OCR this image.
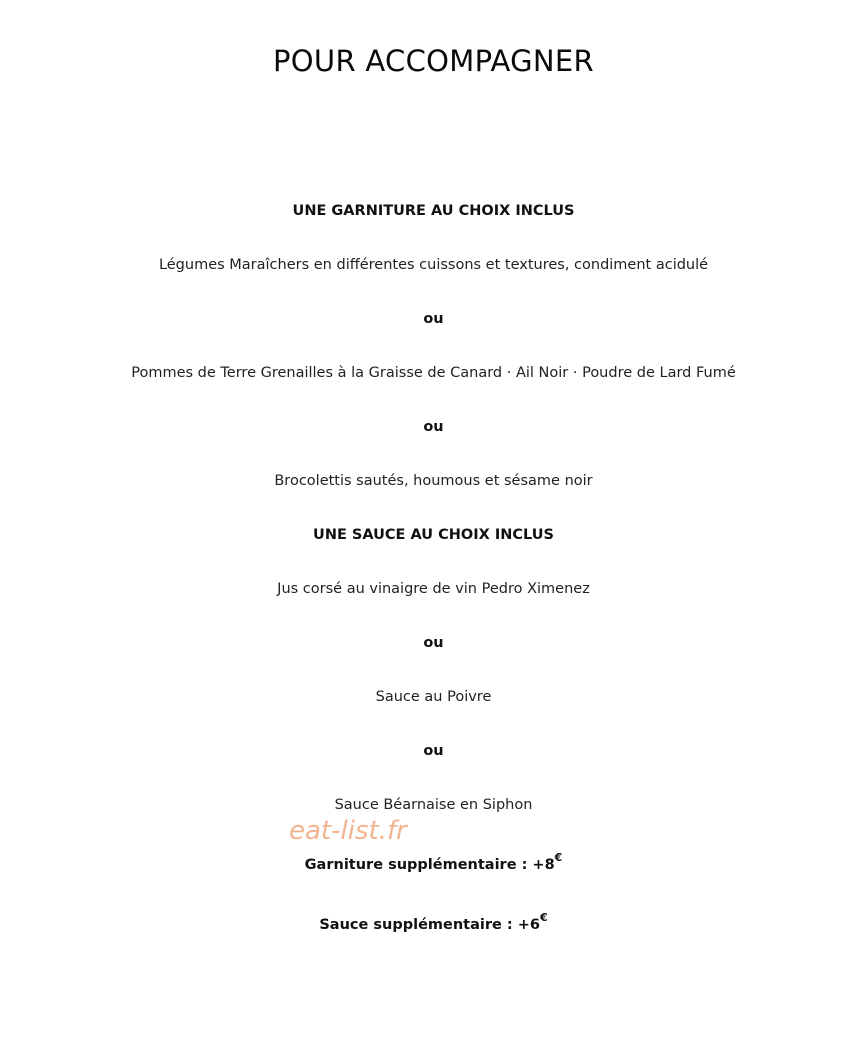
POUR ACCOMPAGNER
UNE GARNITURE AU CHOIX INCLUS
Légumes Maraîchers en différentes cuissons et textures, condiment acidulé
ou
Pommes de Terre Grenailles à la Graisse de Canard · Ail Noir · Poudre de Lard Fumé
ou
Brocolettis sautés, houmous et sésame noir
UNE SAUCE AU CHOIX INCLUS
Jus corsé au vinaigre de vin Pedro Ximenez
ou
Sauce au Poivre
ou
Sauce Béarnaise en Siphon
Garniture supplémentaire : +8€
Sauce supplémentaire : +6€
eat-list.fr
